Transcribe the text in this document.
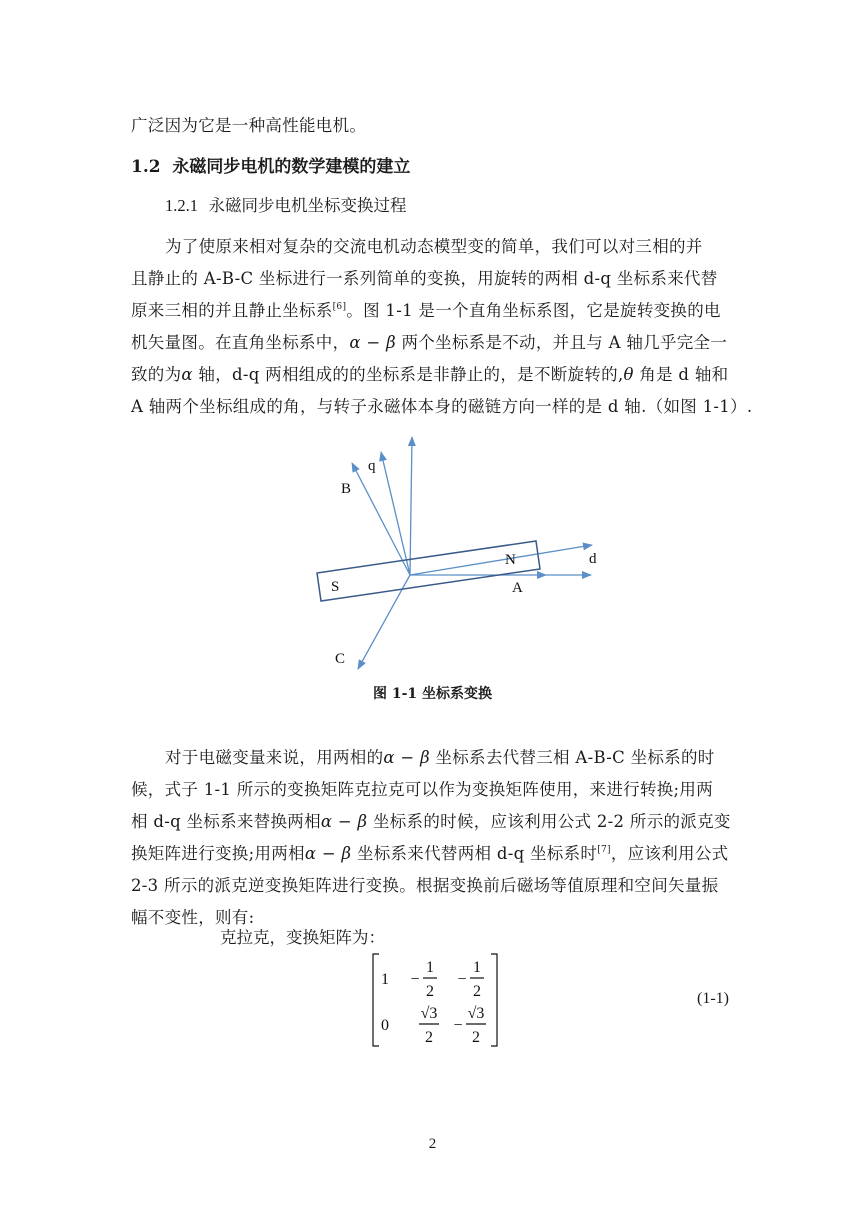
广泛因为它是一种高性能电机。
1.2 永磁同步电机的数学建模的建立
1.2.1 永磁同步电机坐标变换过程
为了使原来相对复杂的交流电机动态模型变的简单，我们可以对三相的并
且静止的 A-B-C 坐标进行一系列简单的变换，用旋转的两相 d-q 坐标系来代替
原来三相的并且静止坐标系[6]。图 1-1 是一个直角坐标系图，它是旋转变换的电
机矢量图。在直角坐标系中，α − β 两个坐标系是不动，并且与 A 轴几乎完全一
致的为α 轴，d-q 两相组成的的坐标系是非静止的，是不断旋转的,θ 角是 d 轴和
A 轴两个坐标组成的角，与转子永磁体本身的磁链方向一样的是 d 轴.（如图 1-1）.
B
q
N
S
d
A
C
图 1-1 坐标系变换
对于电磁变量来说，用两相的α − β 坐标系去代替三相 A-B-C 坐标系的时
候，式子 1-1 所示的变换矩阵克拉克可以作为变换矩阵使用，来进行转换;用两
相 d-q 坐标系来替换两相α − β 坐标系的时候，应该利用公式 2-2 所示的派克变
换矩阵进行变换;用两相α − β 坐标系来代替两相 d-q 坐标系时[7]，应该利用公式
2-3 所示的派克逆变换矩阵进行变换。根据变换前后磁场等值原理和空间矢量振
幅不变性，则有:
克拉克，变换矩阵为：
1 −
1
2
−
1
2
0
√3
2
−
√3
2
(1-1)
2
